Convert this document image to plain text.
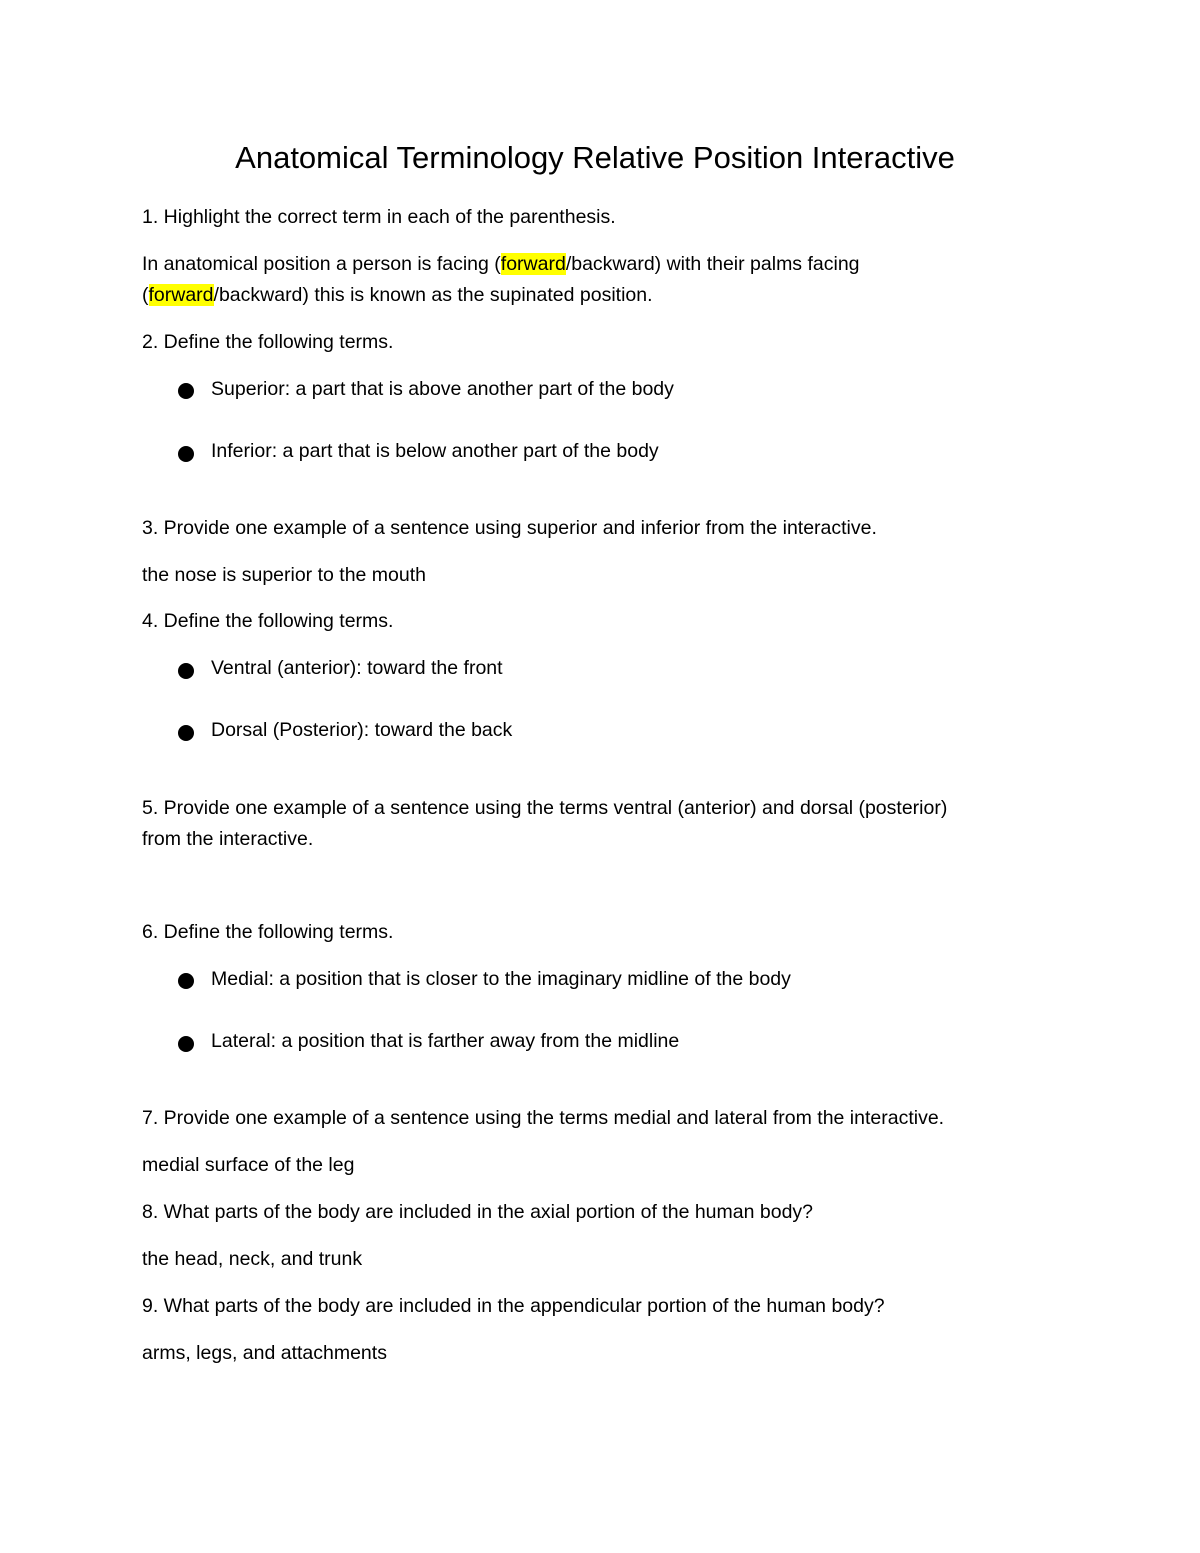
Anatomical Terminology Relative Position Interactive
1. Highlight the correct term in each of the parenthesis.
In anatomical position a person is facing (forward/backward) with their palms facing
(forward/backward) this is known as the supinated position.
2. Define the following terms.
Superior: a part that is above another part of the body
Inferior: a part that is below another part of the body
3. Provide one example of a sentence using superior and inferior from the interactive.
the nose is superior to the mouth
4. Define the following terms.
Ventral (anterior): toward the front
Dorsal (Posterior): toward the back
5. Provide one example of a sentence using the terms ventral (anterior) and dorsal (posterior)
from the interactive.
6. Define the following terms.
Medial: a position that is closer to the imaginary midline of the body
Lateral: a position that is farther away from the midline
7. Provide one example of a sentence using the terms medial and lateral from the interactive.
medial surface of the leg
8. What parts of the body are included in the axial portion of the human body?
the head, neck, and trunk
9. What parts of the body are included in the appendicular portion of the human body?
arms, legs, and attachments
